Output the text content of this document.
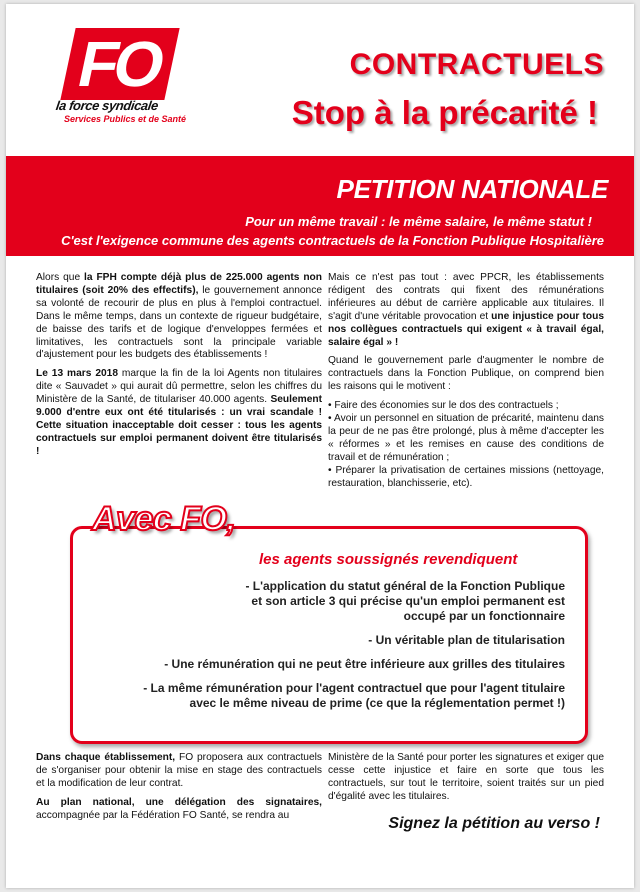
FO
la force syndicale
Services Publics et de Santé
CONTRACTUELS
Stop à la précarité !
PETITION NATIONALE
Pour un même travail : le même salaire, le même statut !
C'est l'exigence commune des agents contractuels de la Fonction Publique Hospitalière

Alors que la FPH compte déjà plus de 225.000 agents non titulaires (soit 20% des effectifs), le gouvernement annonce sa volonté de recourir de plus en plus à l'emploi contractuel. Dans le même temps, dans un contexte de rigueur budgétaire, de baisse des tarifs et de logique d'enveloppes fermées et limitatives, les contractuels sont la principale variable d'ajustement pour les budgets des établissements !

Le 13 mars 2018 marque la fin de la loi Agents non titulaires dite « Sauvadet » qui aurait dû permettre, selon les chiffres du Ministère de la Santé, de titulariser 40.000 agents. Seulement 9.000 d'entre eux ont été titularisés : un vrai scandale ! Cette situation inacceptable doit cesser : tous les agents contractuels sur emploi permanent doivent être titularisés !

Mais ce n'est pas tout : avec PPCR, les établissements rédigent des contrats qui fixent des rémunérations inférieures au début de carrière applicable aux titulaires. Il s'agit d'une véritable provocation et une injustice pour tous nos collègues contractuels qui exigent « à travail égal, salaire égal » !

Quand le gouvernement parle d'augmenter le nombre de contractuels dans la Fonction Publique, on comprend bien les raisons qui le motivent :

• Faire des économies sur le dos des contractuels ;
• Avoir un personnel en situation de précarité, maintenu dans la peur de ne pas être prolongé, plus à même d'accepter les « réformes » et les remises en cause des conditions de travail et de rémunération ;
• Préparer la privatisation de certaines missions (nettoyage, restauration, blanchisserie, etc).
les agents soussignés revendiquent
- L'application du statut général de la Fonction Publique
et son article 3 qui précise qu'un emploi permanent est
occupé par un fonctionnaire
- Un véritable plan de titularisation
- Une rémunération qui ne peut être inférieure aux grilles des titulaires
- La même rémunération pour l'agent contractuel que pour l'agent titulaire
avec le même niveau de prime (ce que la réglementation permet !)
Avec FO,

Dans chaque établissement, FO proposera aux contractuels de s'organiser pour obtenir la mise en stage des contractuels et la modification de leur contrat.

Au plan national, une délégation des signataires, accompagnée par la Fédération FO Santé, se rendra au

Ministère de la Santé pour porter les signatures et exiger que cesse cette injustice et faire en sorte que tous les contractuels, sur tout le territoire, soient traités sur un pied d'égalité avec les titulaires.

Signez la pétition au verso !
